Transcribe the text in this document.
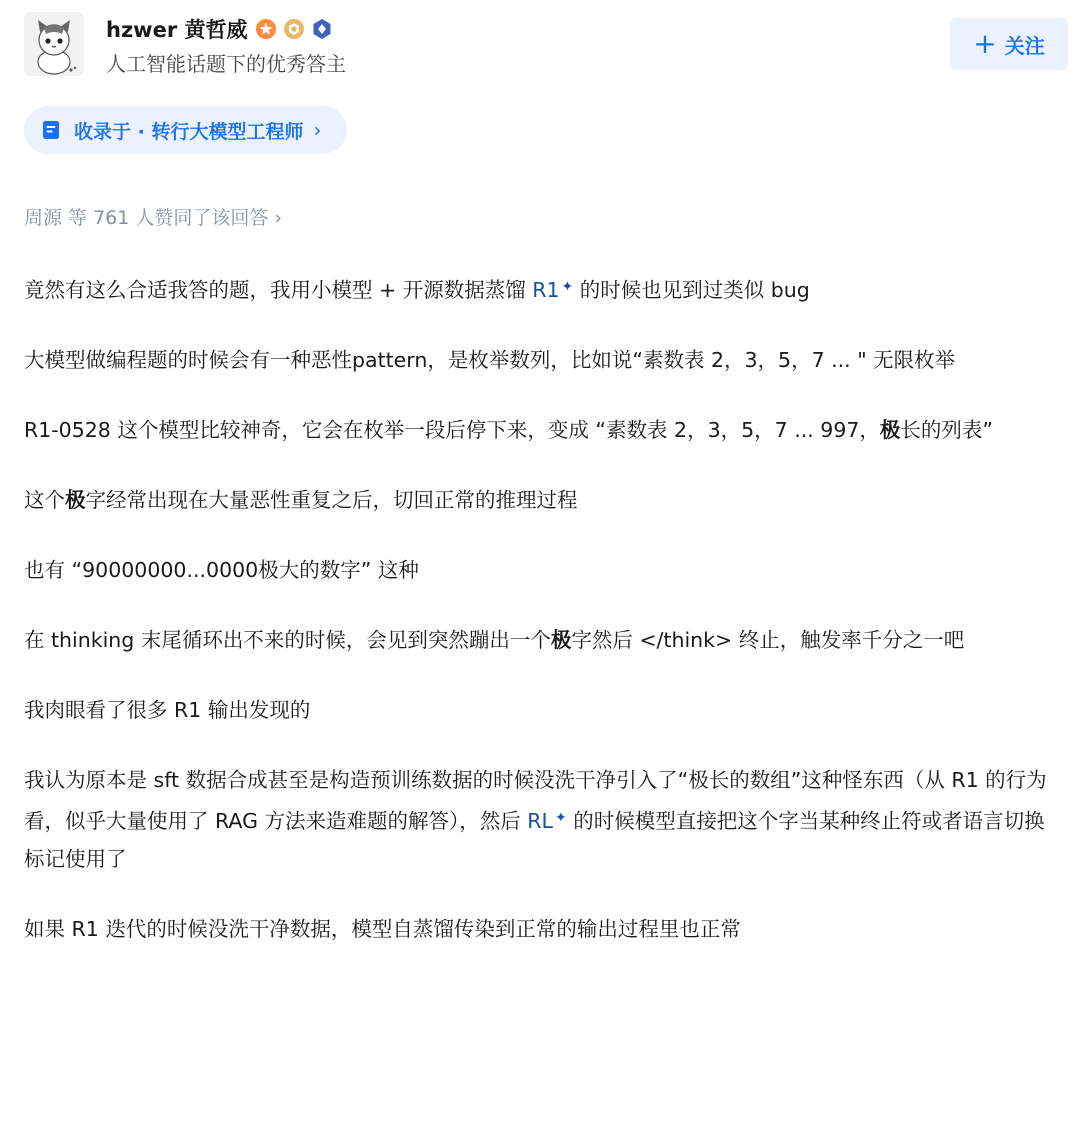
hzwer 黄哲威
人工智能话题下的优秀答主
+ 关注
收录于 · 转行大模型工程师 ›
周源 等 761 人赞同了该回答 ›

竟然有这么合适我答的题，我用小模型 + 开源数据蒸馏 R1 ✦ 的时候也见到过类似 bug

大模型做编程题的时候会有一种恶性pattern，是枚举数列，比如说“素数表 2，3，5，7 ... " 无限枚举

R1-0528 这个模型比较神奇，它会在枚举一段后停下来，变成 “素数表 2，3，5，7 ... 997，极长的列表”

这个极字经常出现在大量恶性重复之后，切回正常的推理过程

也有 “90000000...0000极大的数字” 这种

在 thinking 末尾循环出不来的时候，会见到突然蹦出一个极字然后 </think> 终止，触发率千分之一吧

我肉眼看了很多 R1 输出发现的

我认为原本是 sft 数据合成甚至是构造预训练数据的时候没洗干净引入了“极长的数组”这种怪东西（从 R1 的行为看，似乎大量使用了 RAG 方法来造难题的解答），然后 RL ✦ 的时候模型直接把这个字当某种终止符或者语言切换标记使用了

如果 R1 迭代的时候没洗干净数据，模型自蒸馏传染到正常的输出过程里也正常
